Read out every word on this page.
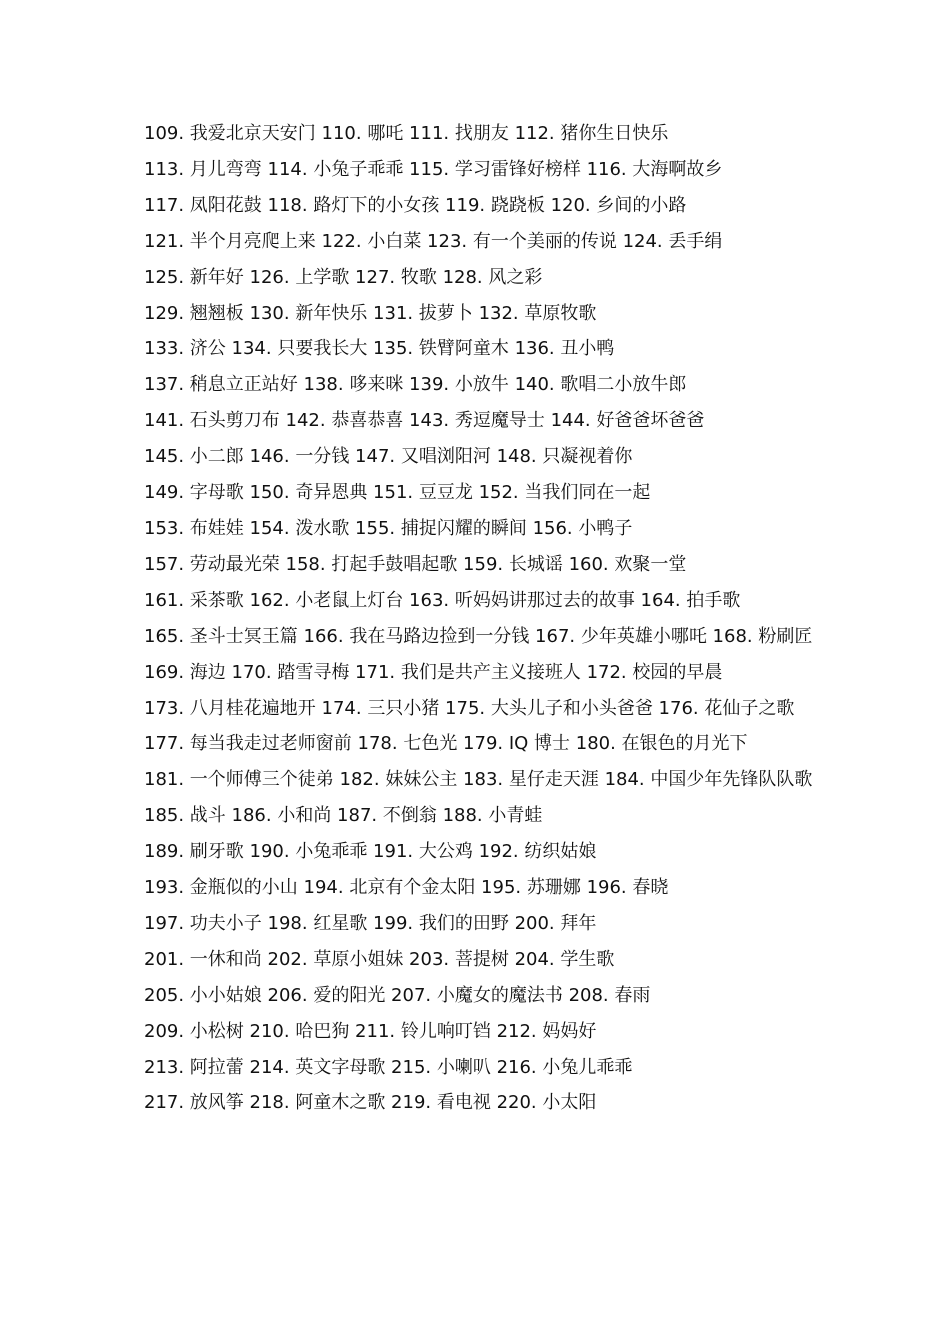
109. 我爱北京天安门 110. 哪吒 111. 找朋友 112. 猪你生日快乐
113. 月儿弯弯 114. 小兔子乖乖 115. 学习雷锋好榜样 116. 大海啊故乡
117. 凤阳花鼓 118. 路灯下的小女孩 119. 跷跷板 120. 乡间的小路
121. 半个月亮爬上来 122. 小白菜 123. 有一个美丽的传说 124. 丢手绢
125. 新年好 126. 上学歌 127. 牧歌 128. 风之彩
129. 翘翘板 130. 新年快乐 131. 拔萝卜 132. 草原牧歌
133. 济公 134. 只要我长大 135. 铁臂阿童木 136. 丑小鸭
137. 稍息立正站好 138. 哆来咪 139. 小放牛 140. 歌唱二小放牛郎
141. 石头剪刀布 142. 恭喜恭喜 143. 秀逗魔导士 144. 好爸爸坏爸爸
145. 小二郎 146. 一分钱 147. 又唱浏阳河 148. 只凝视着你
149. 字母歌 150. 奇异恩典 151. 豆豆龙 152. 当我们同在一起
153. 布娃娃 154. 泼水歌 155. 捕捉闪耀的瞬间 156. 小鸭子
157. 劳动最光荣 158. 打起手鼓唱起歌 159. 长城谣 160. 欢聚一堂
161. 采茶歌 162. 小老鼠上灯台 163. 听妈妈讲那过去的故事 164. 拍手歌
165. 圣斗士冥王篇 166. 我在马路边捡到一分钱 167. 少年英雄小哪吒 168. 粉刷匠
169. 海边 170. 踏雪寻梅 171. 我们是共产主义接班人 172. 校园的早晨
173. 八月桂花遍地开 174. 三只小猪 175. 大头儿子和小头爸爸 176. 花仙子之歌
177. 每当我走过老师窗前 178. 七色光 179. IQ 博士 180. 在银色的月光下
181. 一个师傅三个徒弟 182. 妹妹公主 183. 星仔走天涯 184. 中国少年先锋队队歌
185. 战斗 186. 小和尚 187. 不倒翁 188. 小青蛙
189. 刷牙歌 190. 小兔乖乖 191. 大公鸡 192. 纺织姑娘
193. 金瓶似的小山 194. 北京有个金太阳 195. 苏珊娜 196. 春晓
197. 功夫小子 198. 红星歌 199. 我们的田野 200. 拜年
201. 一休和尚 202. 草原小姐妹 203. 菩提树 204. 学生歌
205. 小小姑娘 206. 爱的阳光 207. 小魔女的魔法书 208. 春雨
209. 小松树 210. 哈巴狗 211. 铃儿响叮铛 212. 妈妈好
213. 阿拉蕾 214. 英文字母歌 215. 小喇叭 216. 小兔儿乖乖
217. 放风筝 218. 阿童木之歌 219. 看电视 220. 小太阳
